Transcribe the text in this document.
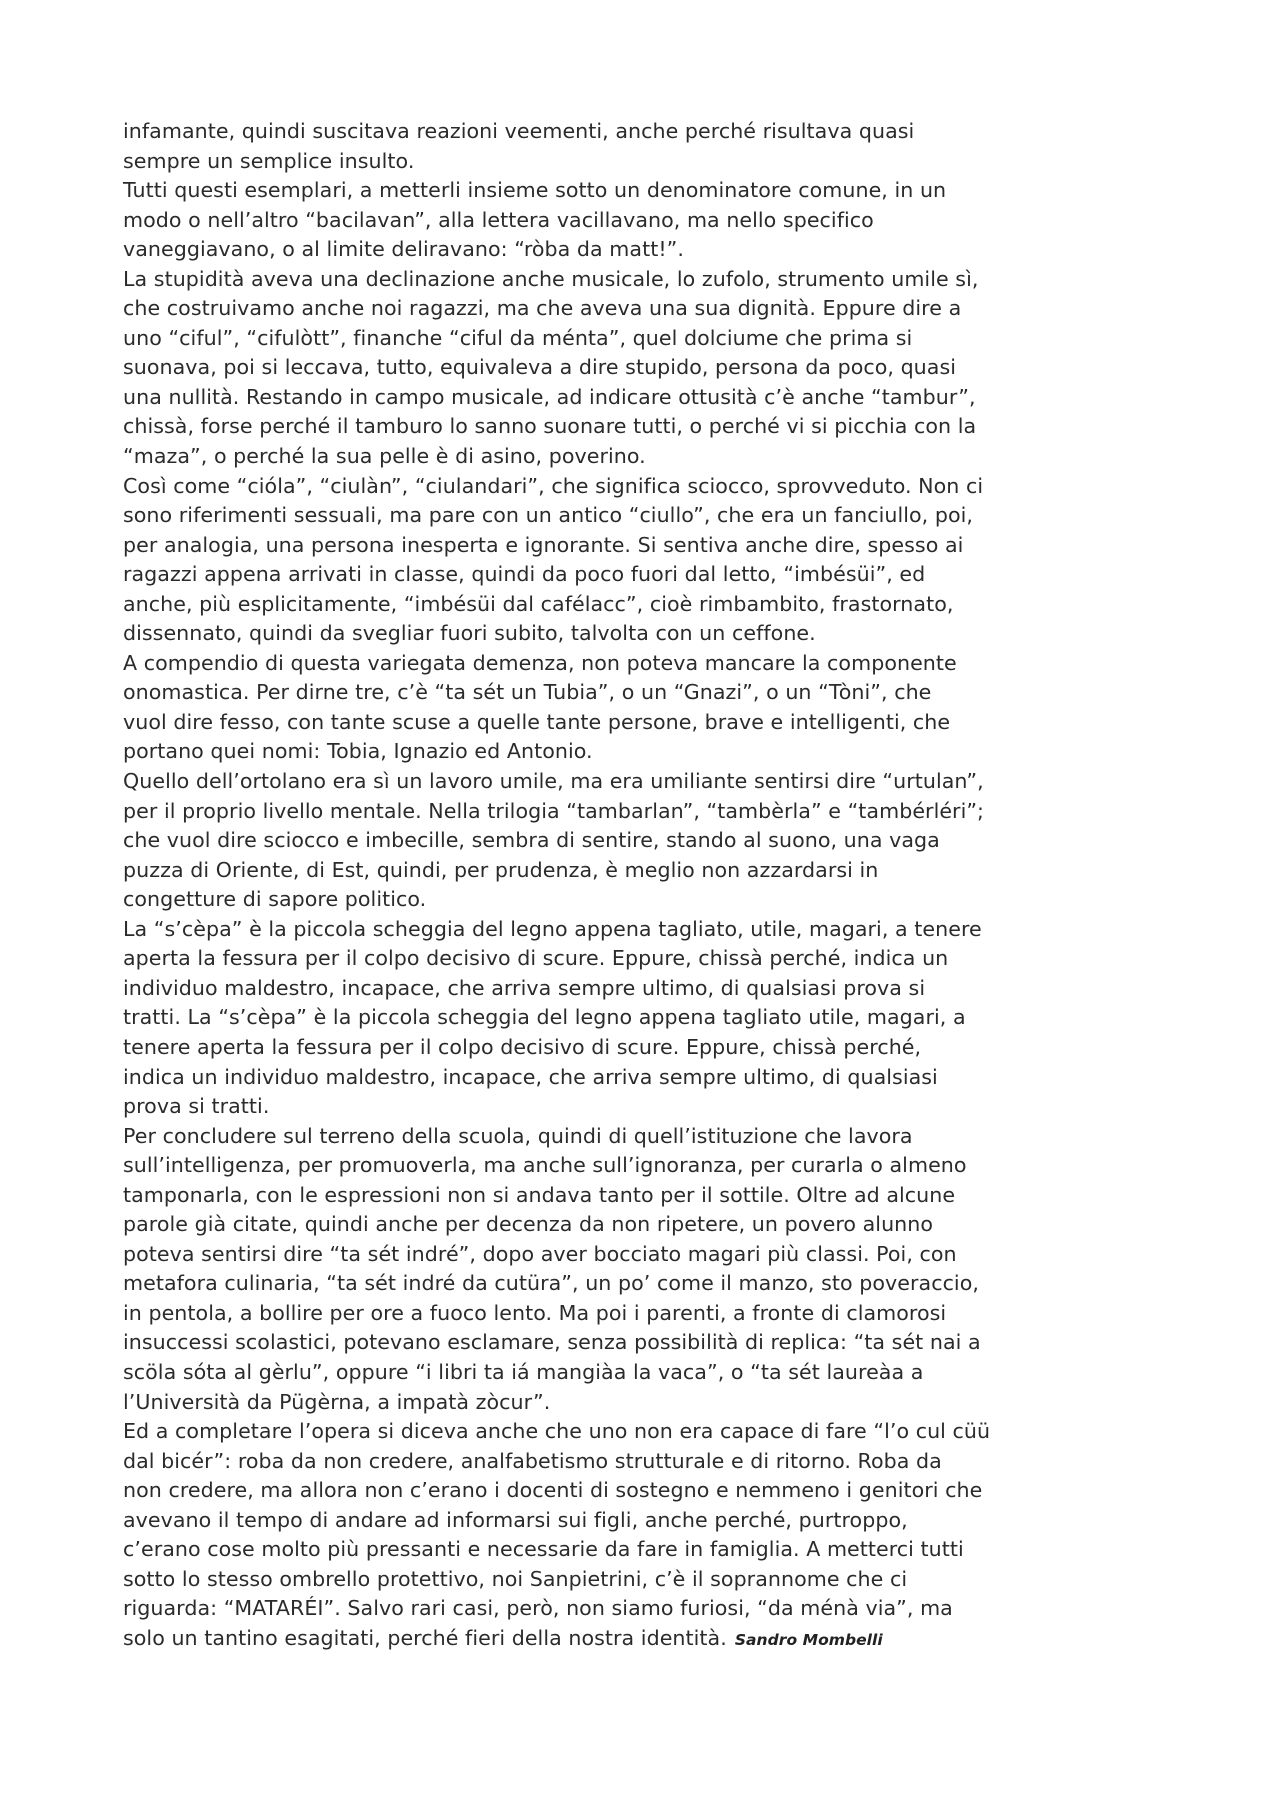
infamante, quindi suscitava reazioni veementi, anche perché risultava quasi
sempre un semplice insulto.
Tutti questi esemplari, a metterli insieme sotto un denominatore comune, in un
modo o nell’altro “bacilavan”, alla lettera vacillavano, ma nello specifico
vaneggiavano, o al limite deliravano: “ròba da matt!”.
La stupidità aveva una declinazione anche musicale, lo zufolo, strumento umile sì,
che costruivamo anche noi ragazzi, ma che aveva una sua dignità. Eppure dire a
uno “ciful”, “cifulòtt”, finanche “ciful da ménta”, quel dolciume che prima si
suonava, poi si leccava, tutto, equivaleva a dire stupido, persona da poco, quasi
una nullità. Restando in campo musicale, ad indicare ottusità c’è anche “tambur”,
chissà, forse perché il tamburo lo sanno suonare tutti, o perché vi si picchia con la
“maza”, o perché la sua pelle è di asino, poverino.
Così come “cióla”, “ciulàn”, “ciulandari”, che significa sciocco, sprovveduto. Non ci
sono riferimenti sessuali, ma pare con un antico “ciullo”, che era un fanciullo, poi,
per analogia, una persona inesperta e ignorante. Si sentiva anche dire, spesso ai
ragazzi appena arrivati in classe, quindi da poco fuori dal letto, “imbésüi”, ed
anche, più esplicitamente, “imbésüi dal cafélacc”, cioè rimbambito, frastornato,
dissennato, quindi da svegliar fuori subito, talvolta con un ceffone.
A compendio di questa variegata demenza, non poteva mancare la componente
onomastica. Per dirne tre, c’è “ta sét un Tubia”, o un “Gnazi”, o un “Tòni”, che
vuol dire fesso, con tante scuse a quelle tante persone, brave e intelligenti, che
portano quei nomi: Tobia, Ignazio ed Antonio.
Quello dell’ortolano era sì un lavoro umile, ma era umiliante sentirsi dire “urtulan”,
per il proprio livello mentale. Nella trilogia “tambarlan”, “tambèrla” e “tambérléri”;
che vuol dire sciocco e imbecille, sembra di sentire, stando al suono, una vaga
puzza di Oriente, di Est, quindi, per prudenza, è meglio non azzardarsi in
congetture di sapore politico.
La “s’cèpa” è la piccola scheggia del legno appena tagliato, utile, magari, a tenere
aperta la fessura per il colpo decisivo di scure. Eppure, chissà perché, indica un
individuo maldestro, incapace, che arriva sempre ultimo, di qualsiasi prova si
tratti. La “s’cèpa” è la piccola scheggia del legno appena tagliato utile, magari, a
tenere aperta la fessura per il colpo decisivo di scure. Eppure, chissà perché,
indica un individuo maldestro, incapace, che arriva sempre ultimo, di qualsiasi
prova si tratti.
Per concludere sul terreno della scuola, quindi di quell’istituzione che lavora
sull’intelligenza, per promuoverla, ma anche sull’ignoranza, per curarla o almeno
tamponarla, con le espressioni non si andava tanto per il sottile. Oltre ad alcune
parole già citate, quindi anche per decenza da non ripetere, un povero alunno
poteva sentirsi dire “ta sét indré”, dopo aver bocciato magari più classi. Poi, con
metafora culinaria, “ta sét indré da cutüra”, un po’ come il manzo, sto poveraccio,
in pentola, a bollire per ore a fuoco lento. Ma poi i parenti, a fronte di clamorosi
insuccessi scolastici, potevano esclamare, senza possibilità di replica: “ta sét nai a
scöla sóta al gèrlu”, oppure “i libri ta iá mangiàa la vaca”, o “ta sét laureàa a
l’Università da Pügèrna, a impatà zòcur”.
Ed a completare l’opera si diceva anche che uno non era capace di fare “l’o cul cüü
dal bicér”: roba da non credere, analfabetismo strutturale e di ritorno. Roba da
non credere, ma allora non c’erano i docenti di sostegno e nemmeno i genitori che
avevano il tempo di andare ad informarsi sui figli, anche perché, purtroppo,
c’erano cose molto più pressanti e necessarie da fare in famiglia. A metterci tutti
sotto lo stesso ombrello protettivo, noi Sanpietrini, c’è il soprannome che ci
riguarda: “MATARÉI”. Salvo rari casi, però, non siamo furiosi, “da ménà via”, ma
solo un tantino esagitati, perché fieri della nostra identità. Sandro Mombelli
